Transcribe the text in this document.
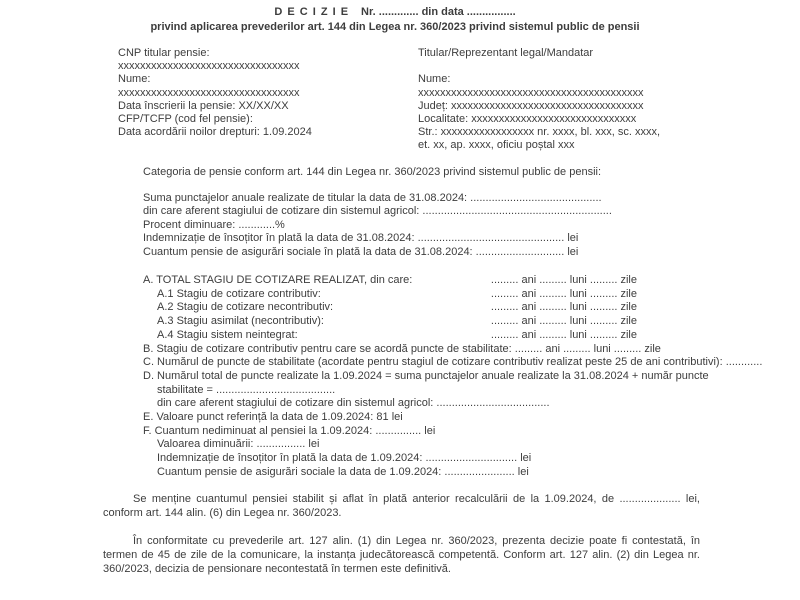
D E C I Z I E Nr. ............. din data ................
privind aplicarea prevederilor art. 144 din Legea nr. 360/2023 privind sistemul public de pensii
CNP titular pensie:
xxxxxxxxxxxxxxxxxxxxxxxxxxxxxxxxx
Nume:
xxxxxxxxxxxxxxxxxxxxxxxxxxxxxxxxx
Data înscrierii la pensie: XX/XX/XX
CFP/TCFP (cod fel pensie):
Data acordării noilor drepturi: 1.09.2024
Titular/Reprezentant legal/Mandatar
Nume:
xxxxxxxxxxxxxxxxxxxxxxxxxxxxxxxxxxxxxxxxx
Județ: xxxxxxxxxxxxxxxxxxxxxxxxxxxxxxxxxxx
Localitate: xxxxxxxxxxxxxxxxxxxxxxxxxxxxxx
Str.: xxxxxxxxxxxxxxxxx nr. xxxx, bl. xxx, sc. xxxx,
et. xx, ap. xxxx, oficiu poștal xxx
Categoria de pensie conform art. 144 din Legea nr. 360/2023 privind sistemul public de pensii:
Suma punctajelor anuale realizate de titular la data de 31.08.2024: ...........................................
din care aferent stagiului de cotizare din sistemul agricol: ..............................................................
Procent diminuare: ............%
Indemnizație de însoțitor în plată la data de 31.08.2024: ................................................ lei
Cuantum pensie de asigurări sociale în plată la data de 31.08.2024: ............................. lei
A. TOTAL STAGIU DE COTIZARE REALIZAT, din care:	......... ani ......... luni ......... zile
A.1 Stagiu de cotizare contributiv:	......... ani ......... luni ......... zile
A.2 Stagiu de cotizare necontributiv:	......... ani ......... luni ......... zile
A.3 Stagiu asimilat (necontributiv):	......... ani ......... luni ......... zile
A.4 Stagiu sistem neintegrat:	......... ani ......... luni ......... zile
B. Stagiu de cotizare contributiv pentru care se acordă puncte de stabilitate: ......... ani ......... luni ......... zile
C. Numărul de puncte de stabilitate (acordate pentru stagiul de cotizare contributiv realizat peste 25 de ani contributivi): ............
D. Numărul total de puncte realizate la 1.09.2024 = suma punctajelor anuale realizate la 31.08.2024 + număr puncte
stabilitate = .......................................
din care aferent stagiului de cotizare din sistemul agricol: .....................................
E. Valoare punct referință la data de 1.09.2024: 81 lei
F. Cuantum nediminuat al pensiei la 1.09.2024: ............... lei
Valoarea diminuării: ................ lei
Indemnizație de însoțitor în plată la data de 1.09.2024: .............................. lei
Cuantum pensie de asigurări sociale la data de 1.09.2024: ....................... lei
Se menține cuantumul pensiei stabilit și aflat în plată anterior recalculării de la 1.09.2024, de .................... lei, conform art. 144 alin. (6) din Legea nr. 360/2023.
În conformitate cu prevederile art. 127 alin. (1) din Legea nr. 360/2023, prezenta decizie poate fi contestată, în termen de 45 de zile de la comunicare, la instanța judecătorească competentă. Conform art. 127 alin. (2) din Legea nr. 360/2023, decizia de pensionare necontestată în termen este definitivă.
